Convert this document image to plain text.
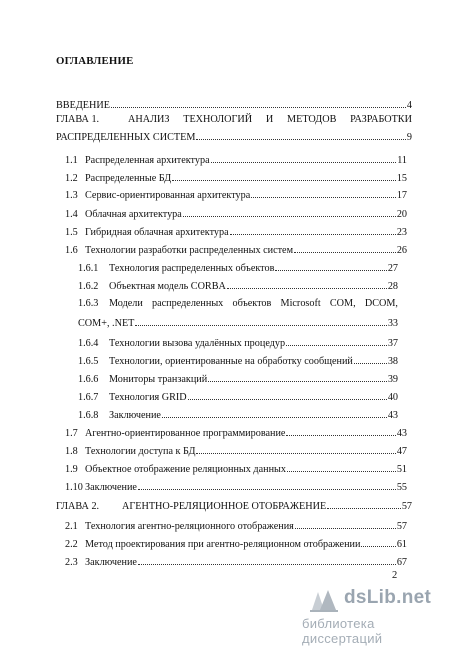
ОГЛАВЛЕНИЕ
ВВЕДЕНИЕ	4
ГЛАВА 1.	АНАЛИЗ ТЕХНОЛОГИЙ И МЕТОДОВ РАЗРАБОТКИ
РАСПРЕДЕЛЕННЫХ СИСТЕМ	9
1.1 Распределенная архитектура	11
1.2 Распределенные БД	15
1.3 Сервис-ориентированная архитектура	17
1.4 Облачная архитектура	20
1.5 Гибридная облачная архитектура	23
1.6 Технологии разработки распределенных систем	26
1.6.1	Технология распределенных объектов	27
1.6.2	Объектная модель CORBA	28
1.6.3	Модели распределенных объектов Microsoft COM, DCOM,
COM+, .NET	33
1.6.4	Технологии вызова удалённых процедур	37
1.6.5	Технологии, ориентированные на обработку сообщений	38
1.6.6	Мониторы транзакций	39
1.6.7	Технология GRID	40
1.6.8	Заключение	43
1.7 Агентно-ориентированное программирование	43
1.8 Технологии доступа к БД	47
1.9 Объектное отображение реляционных данных	51
1.10 Заключение	55
ГЛАВА 2.	АГЕНТНО-РЕЛЯЦИОННОЕ ОТОБРАЖЕНИЕ	57
2.1 Технология агентно-реляционного отображения	57
2.2 Метод проектирования при агентно-реляционном отображении	61
2.3 Заключение	67
2
dsLib.net
библиотека диссертаций
